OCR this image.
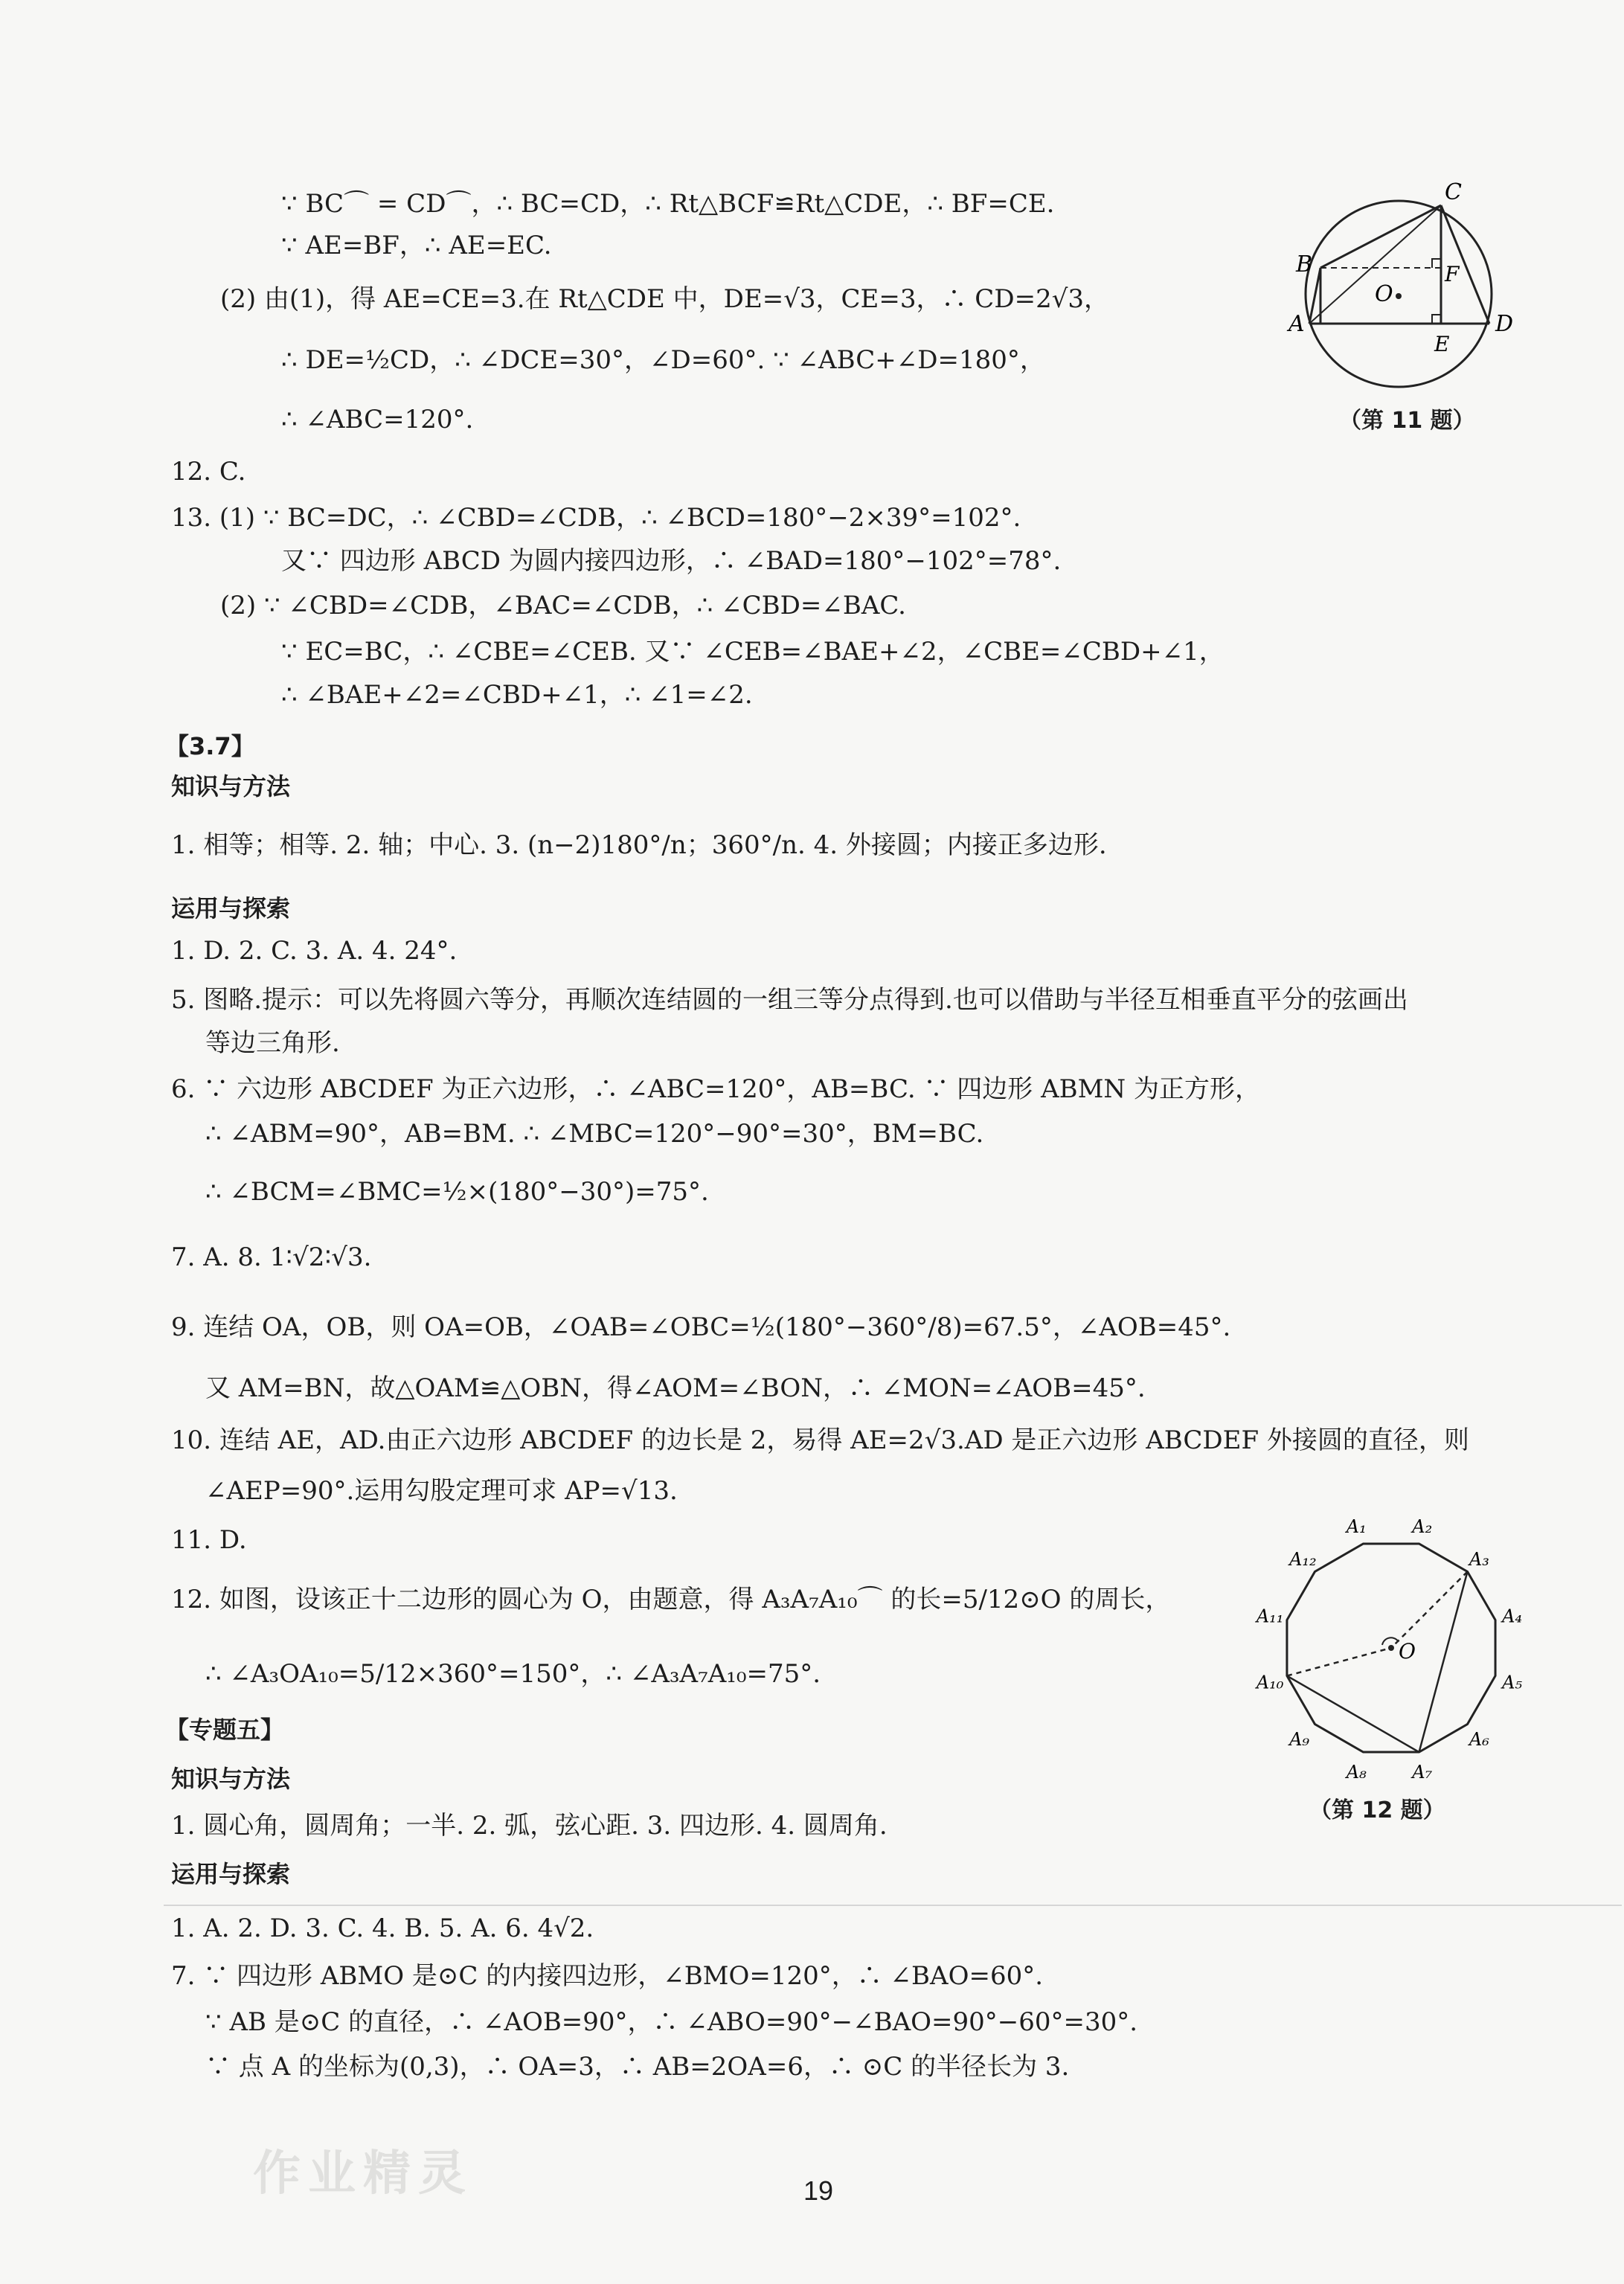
∵ BC⌒ = CD⌒，∴ BC=CD，∴ Rt△BCF≌Rt△CDE，∴ BF=CE.
∵ AE=BF，∴ AE=EC.
(2) 由(1)，得 AE=CE=3.在 Rt△CDE 中，DE=√3，CE=3，∴ CD=2√3，
∴ DE=½CD，∴ ∠DCE=30°，∠D=60°. ∵ ∠ABC+∠D=180°，
∴ ∠ABC=120°.
C
B
A	D
E
F
O
（第 11 题）
12. C.
13. (1) ∵ BC=DC，∴ ∠CBD=∠CDB，∴ ∠BCD=180°−2×39°=102°.
又∵ 四边形 ABCD 为圆内接四边形，∴ ∠BAD=180°−102°=78°.
(2) ∵ ∠CBD=∠CDB，∠BAC=∠CDB，∴ ∠CBD=∠BAC.
∵ EC=BC，∴ ∠CBE=∠CEB. 又∵ ∠CEB=∠BAE+∠2，∠CBE=∠CBD+∠1，
∴ ∠BAE+∠2=∠CBD+∠1，∴ ∠1=∠2.
【3.7】
知识与方法
1. 相等；相等. 2. 轴；中心. 3. (n−2)180°/n；360°/n. 4. 外接圆；内接正多边形.
运用与探索
1. D. 2. C. 3. A. 4. 24°.
5. 图略.提示：可以先将圆六等分，再顺次连结圆的一组三等分点得到.也可以借助与半径互相垂直平分的弦画出
等边三角形.
6. ∵ 六边形 ABCDEF 为正六边形，∴ ∠ABC=120°，AB=BC. ∵ 四边形 ABMN 为正方形，
∴ ∠ABM=90°，AB=BM. ∴ ∠MBC=120°−90°=30°，BM=BC.
∴ ∠BCM=∠BMC=½×(180°−30°)=75°.
7. A. 8. 1∶√2∶√3.
9. 连结 OA，OB，则 OA=OB，∠OAB=∠OBC=½(180°−360°/8)=67.5°，∠AOB=45°.
又 AM=BN，故△OAM≌△OBN，得∠AOM=∠BON，∴ ∠MON=∠AOB=45°.
10. 连结 AE，AD.由正六边形 ABCDEF 的边长是 2，易得 AE=2√3.AD 是正六边形 ABCDEF 外接圆的直径，则
∠AEP=90°.运用勾股定理可求 AP=√13.
11. D.
12. 如图，设该正十二边形的圆心为 O，由题意，得 A₃A₇A₁₀⌒ 的长=5/12⊙O 的周长，
∴ ∠A₃OA₁₀=5/12×360°=150°，∴ ∠A₃A₇A₁₀=75°.
O
A₁	A₂
A₃
A₄
A₅
A₆
A₇
A₈
A₉
A₁₀
A₁₁
A₁₂
（第 12 题）
【专题五】
知识与方法
1. 圆心角，圆周角；一半. 2. 弧，弦心距. 3. 四边形. 4. 圆周角.
运用与探索
1. A. 2. D. 3. C. 4. B. 5. A. 6. 4√2.
7. ∵ 四边形 ABMO 是⊙C 的内接四边形，∠BMO=120°，∴ ∠BAO=60°.
∵ AB 是⊙C 的直径，∴ ∠AOB=90°，∴ ∠ABO=90°−∠BAO=90°−60°=30°.
∵ 点 A 的坐标为(0,3)，∴ OA=3，∴ AB=2OA=6，∴ ⊙C 的半径长为 3.
作业精灵	19
